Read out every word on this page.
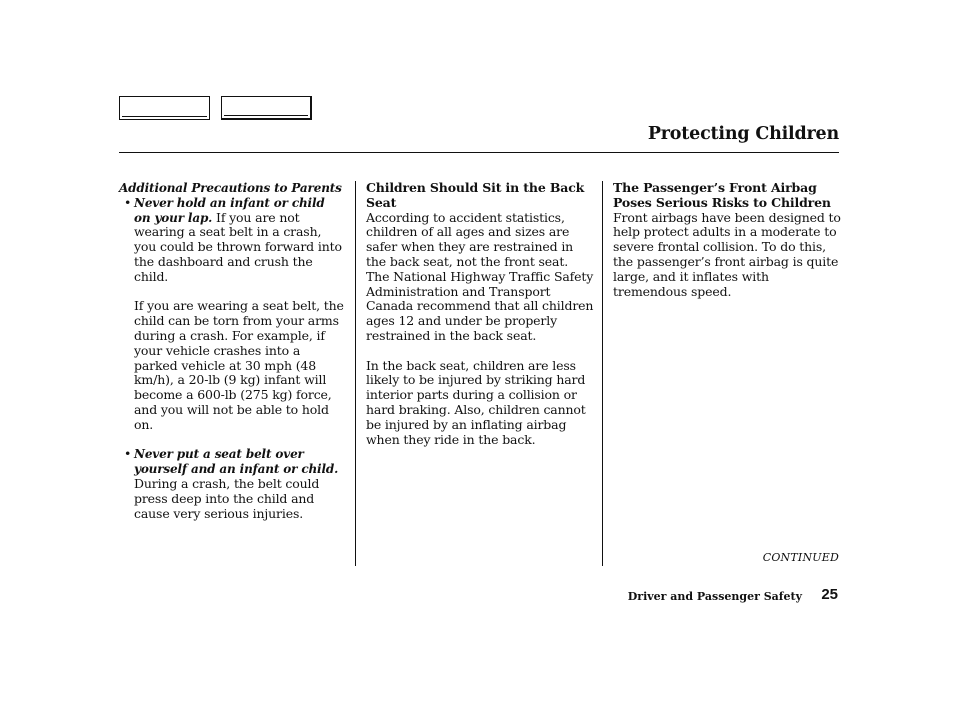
Protecting Children

Additional Precautions to Parents

• Never hold an infant or child on your lap. If you are not wearing a seat belt in a crash, you could be thrown forward into the dashboard and crush the child.

If you are wearing a seat belt, the child can be torn from your arms during a crash. For example, if your vehicle crashes into a parked vehicle at 30 mph (48 km/h), a 20-lb (9 kg) infant will become a 600-lb (275 kg) force, and you will not be able to hold on.

• Never put a seat belt over yourself and an infant or child. During a crash, the belt could press deep into the child and cause very serious injuries.

Children Should Sit in the Back Seat

According to accident statistics, children of all ages and sizes are safer when they are restrained in the back seat, not the front seat. The National Highway Traffic Safety Administration and Transport Canada recommend that all children ages 12 and under be properly restrained in the back seat.

In the back seat, children are less likely to be injured by striking hard interior parts during a collision or hard braking. Also, children cannot be injured by an inflating airbag when they ride in the back.

The Passenger’s Front Airbag Poses Serious Risks to Children

Front airbags have been designed to help protect adults in a moderate to severe frontal collision. To do this, the passenger’s front airbag is quite large, and it inflates with tremendous speed.

CONTINUED
Driver and Passenger Safety 25
